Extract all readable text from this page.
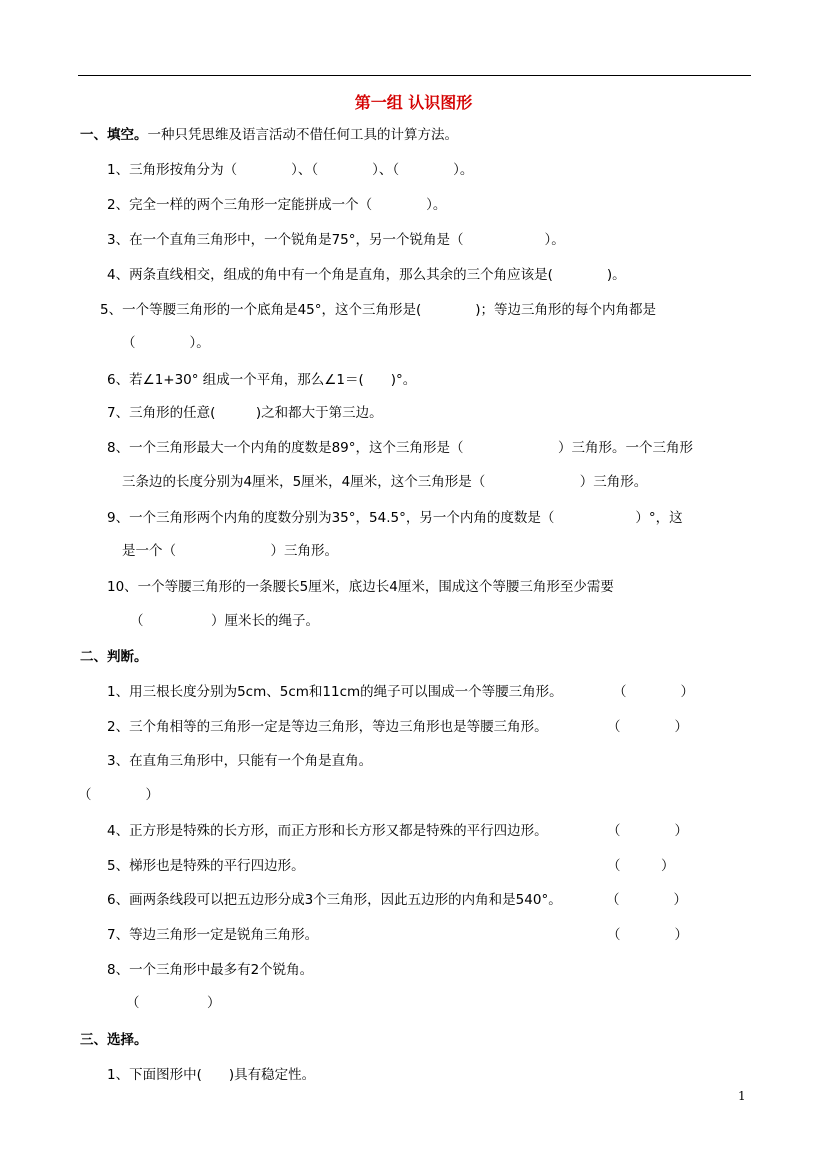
第一组 认识图形
一、填空。一种只凭思维及语言活动不借任何工具的计算方法。
1、三角形按角分为（　　　　）、（　　　　）、（　　　　）。
2、完全一样的两个三角形一定能拼成一个（　　　　）。
3、在一个直角三角形中，一个锐角是75°，另一个锐角是（　　　　　　）。
4、两条直线相交，组成的角中有一个角是直角，那么其余的三个角应该是(　　　　)。
5、一个等腰三角形的一个底角是45°，这个三角形是(　　　　)；等边三角形的每个内角都是
（　　　　）。
6、若∠1+30° 组成一个平角，那么∠1＝(　　)°。
7、三角形的任意(　　　)之和都大于第三边。
8、一个三角形最大一个内角的度数是89°，这个三角形是（　　　　　　　）三角形。一个三角形
三条边的长度分别为4厘米，5厘米，4厘米，这个三角形是（　　　　　　　）三角形。
9、一个三角形两个内角的度数分别为35°，54.5°，另一个内角的度数是（　　　　　　）°，这
是一个（　　　　　　　）三角形。
10、一个等腰三角形的一条腰长5厘米，底边长4厘米，围成这个等腰三角形至少需要
（　　　　　）厘米长的绳子。
二、判断。
1、用三根长度分别为5cm、5cm和11cm的绳子可以围成一个等腰三角形。	（　　　　）
2、三个角相等的三角形一定是等边三角形，等边三角形也是等腰三角形。	（　　　　）
3、在直角三角形中，只能有一个角是直角。
（　　　　）
4、正方形是特殊的长方形，而正方形和长方形又都是特殊的平行四边形。	（　　　　）
5、梯形也是特殊的平行四边形。	（　　　）
6、画两条线段可以把五边形分成3个三角形，因此五边形的内角和是540°。	（　　　　）
7、等边三角形一定是锐角三角形。	（　　　　）
8、一个三角形中最多有2个锐角。
（　　　　　）
三、选择。
1、下面图形中(　　)具有稳定性。
1
